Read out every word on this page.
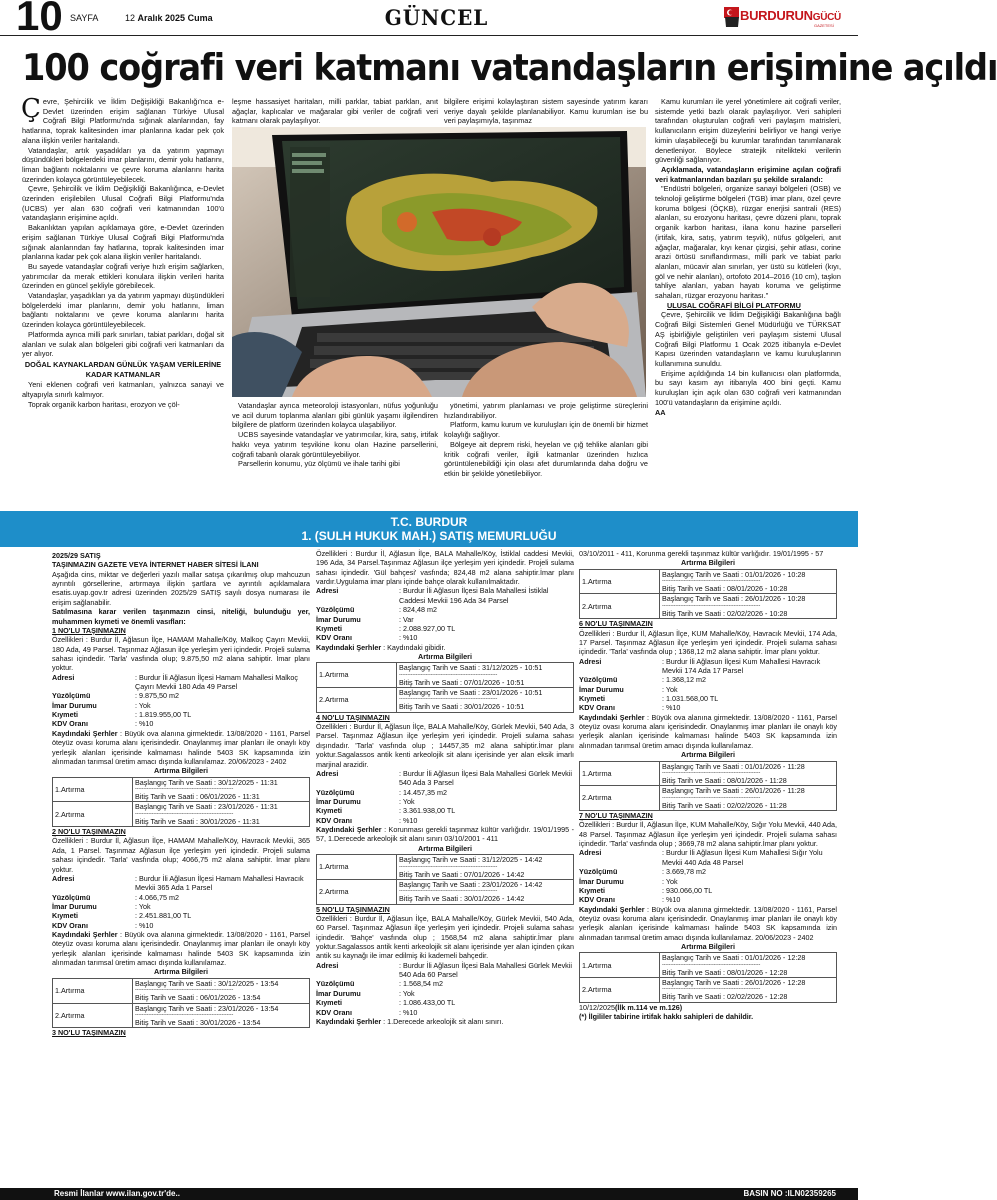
10 SAYFA	12 Aralık 2025 Cuma	GÜNCEL	BURDURUNGÜCÜ
GAZETESİ
100 coğrafi veri katmanı vatandaşların erişimine açıldı

Çevre, Şehircilik ve İklim Değişikliği Bakanlığı'nca e-Devlet üzerinden erişim sağlanan Türkiye Ulusal Coğrafi Bilgi Platformu'nda sığınak alanlarından, fay hatlarına, toprak kalitesinden imar planlarına kadar pek çok alana ilişkin veriler haritalandı.

Vatandaşlar, artık yaşadıkları ya da yatırım yapmayı düşündükleri bölgelerdeki imar planlarını, demir yolu hatlarını, liman bağlantı noktalarını ve çevre koruma alanlarını harita üzerinden kolayca görüntüleyebilecek.

Çevre, Şehircilik ve İklim Değişikliği Bakanlığınca, e-Devlet üzerinden erişilebilen Ulusal Coğrafi Bilgi Platformu'nda (UCBS) yer alan 630 coğrafi veri katmanından 100'ü vatandaşların erişimine açıldı.

Bakanlıktan yapılan açıklamaya göre, e-Devlet üzerinden erişim sağlanan Türkiye Ulusal Coğrafi Bilgi Platformu'nda sığınak alanlarından fay hatlarına, toprak kalitesinden imar planlarına kadar pek çok alana ilişkin veriler haritalandı.

Bu sayede vatandaşlar coğrafi veriye hızlı erişim sağlarken, yatırımcılar da merak ettikleri konulara ilişkin verileri harita üzerinden en güncel şekliyle görebilecek.

Vatandaşlar, yaşadıkları ya da yatırım yapmayı düşündükleri bölgelerdeki imar planlarını, demir yolu hatlarını, liman bağlantı noktalarını ve çevre koruma alanlarını harita üzerinden kolayca görüntüleyebilecek.

Platformda ayrıca milli park sınırları, tabiat parkları, doğal sit alanları ve sulak alan bölgeleri gibi coğrafi veri katmanları da yer alıyor.

DOĞAL KAYNAKLARDAN GÜNLÜK YAŞAM VERİLERİNE KADAR KATMANLAR

Yeni eklenen coğrafi veri katmanları, yalnızca sanayi ve altyapıyla sınırlı kalmıyor.

Toprak organik karbon haritası, erozyon ve çöl-

leşme hassasiyet haritaları, milli parklar, tabiat parkları, anıt ağaçlar, kaplıcalar ve mağaralar gibi veriler de coğrafi veri katmanı olarak paylaşılıyor.

bilgilere erişimi kolaylaştıran sistem sayesinde yatırım kararı veriye dayalı şekilde planlanabiliyor. Kamu kurumları ise bu veri paylaşımıyla, taşınmaz

Vatandaşlar ayrıca meteoroloji istasyonları, nüfus yoğunluğu ve acil durum toplanma alanları gibi günlük yaşamı ilgilendiren bilgilere de platform üzerinden kolayca ulaşabiliyor.

UCBS sayesinde vatandaşlar ve yatırımcılar, kira, satış, irtifak hakkı veya yatırım teşvikine konu olan Hazine parsellerini, coğrafi tabanlı olarak görüntüleyebiliyor.

Parsellerin konumu, yüz ölçümü ve ihale tarihi gibi

yönetimi, yatırım planlaması ve proje geliştirme süreçlerini hızlandırabiliyor.

Platform, kamu kurum ve kuruluşları için de önemli bir hizmet kolaylığı sağlıyor.

Bölgeye ait deprem riski, heyelan ve çığ tehlike alanları gibi kritik coğrafi veriler, ilgili katmanlar üzerinden hızlıca görüntülenebildiği için olası afet durumlarında daha doğru ve etkin bir şekilde yönetilebiliyor.

Kamu kurumları ile yerel yönetimlere ait coğrafi veriler, sistemde yetki bazlı olarak paylaşılıyor. Veri sahipleri tarafından oluşturulan coğrafi veri paylaşım matrisleri, kullanıcıların erişim düzeylerini belirliyor ve hangi veriye kimin ulaşabileceği bu kurumlar tarafından tanımlanarak denetleniyor. Böylece stratejik nitelikteki verilerin güvenliği sağlanıyor.

Açıklamada, vatandaşların erişimine açılan coğrafi veri katmanlarından bazıları şu şekilde sıralandı:

"Endüstri bölgeleri, organize sanayi bölgeleri (OSB) ve teknoloji geliştirme bölgeleri (TGB) imar planı, özel çevre koruma bölgesi (ÖÇKB), rüzgar enerjisi santrali (RES) alanları, su erozyonu haritası, çevre düzeni planı, toprak organik karbon haritası, ilana konu hazine parselleri (irtifak, kira, satış, yatırım teşvik), nüfus gölgeleri, anıt ağaçlar, mağaralar, kıyı kenar çizgisi, şehir atlası, corine arazi örtüsü sınıflandırması, milli park ve tabiat parkı alanları, mücavir alan sınırları, yer üstü su kütleleri (kıyı, göl ve nehir alanları), ortofoto 2014–2016 (10 cm), taşkın tahliye alanları, yaban hayatı koruma ve geliştirme sahaları, rüzgar erozyonu haritası."

ULUSAL COĞRAFİ BİLGİ PLATFORMU

Çevre, Şehircilik ve İklim Değişikliği Bakanlığına bağlı Coğrafi Bilgi Sistemleri Genel Müdürlüğü ve TÜRKSAT AŞ işbirliğiyle geliştirilen veri paylaşım sistemi Ulusal Coğrafi Bilgi Platformu 1 Ocak 2025 itibarıyla e-Devlet Kapısı üzerinden vatandaşların ve kamu kuruluşlarının kullanımına sunuldu.

Erişime açıldığında 14 bin kullanıcısı olan platformda, bu sayı kasım ayı itibarıyla 400 bini geçti. Kamu kuruluşları için açık olan 630 coğrafi veri katmanından 100'ü vatandaşların da erişimine açıldı.

AA

T.C. BURDUR
1. (SULH HUKUK MAH.) SATIŞ MEMURLUĞU
2025/29 SATIŞ
TAŞINMAZIN GAZETE VEYA İNTERNET HABER SİTESİ İLANI
Aşağıda cins, miktar ve değerleri yazılı mallar satışa çıkarılmış olup mahcuzun ayrıntılı görsellerine, artırmaya ilişkin şartlara ve ayrıntılı açıklamalara esatis.uyap.gov.tr adresi üzerinden 2025/29 SATIŞ sayılı dosya numarası ile erişim sağlanabilir.
Satılmasına karar verilen taşınmazın cinsi, niteliği, bulunduğu yer, muhammen kıymeti ve önemli vasıfları:
1 NO'LU TAŞINMAZIN
Özellikleri : Burdur İl, Ağlasun İlçe, HAMAM Mahalle/Köy, Malkoç Çayırı Mevkii, 180 Ada, 49 Parsel. Taşınmaz Ağlasun ilçe yerleşim yeri içindedir. Projeli sulama sahası içindedir. 'Tarla' vasfında olup; 9.875,50 m2 alana sahiptir. İmar planı yoktur.
Adresi	: Burdur İli Ağlasun İlçesi Hamam Mahallesi Malkoç Çayırı Mevkii 180 Ada 49 Parsel
Yüzölçümü	: 9.875,50 m2
İmar Durumu	: Yok
Kıymeti	: 1.819.955,00 TL
KDV Oranı	: %10
Kaydındaki Şerhler : Büyük ova alanına girmektedir. 13/08/2020 - 1161, Parsel öteyüz ovası koruma alanı içerisindedir. Onaylanmış imar planları ile onaylı köy yerleşik alanları içerisinde kalmaması halinde 5403 SK kapsamında izin alınmadan tarımsal üretim amacı dışında kullanılamaz. 20/06/2023 - 2402
Artırma Bilgileri
1.Artırma	Başlangıç Tarih ve Saati : 30/12/2025 - 11:31
-----------------------------------------------------------
Bitiş Tarih ve Saati : 06/01/2026 - 11:31

2.Artırma	Başlangıç Tarih ve Saati : 23/01/2026 - 11:31
-----------------------------------------------------------
Bitiş Tarih ve Saati : 30/01/2026 - 11:31
2 NO'LU TAŞINMAZIN
Özellikleri : Burdur İl, Ağlasun İlçe, HAMAM Mahalle/Köy, Havracık Mevkii, 365 Ada, 1 Parsel. Taşınmaz Ağlasun ilçe yerleşim yeri içindedir. Projeli sulama sahası içindedir. 'Tarla' vasfında olup; 4066,75 m2 alana sahiptir. İmar planı yoktur.
Adresi	: Burdur İli Ağlasun İlçesi Hamam Mahallesi Havracık Mevkii 365 Ada 1 Parsel
Yüzölçümü	: 4.066,75 m2
İmar Durumu	: Yok
Kıymeti	: 2.451.881,00 TL
KDV Oranı	: %10
Kaydındaki Şerhler : Büyük ova alanına girmektedir. 13/08/2020 - 1161, Parsel öteyüz ovası koruma alanı içerisindedir. Onaylanmış imar planları ile onaylı köy yerleşik alanları içerisinde kalmaması halinde 5403 SK kapsamında izin alınmadan tarımsal üretim amacı dışında kullanılamaz.
Artırma Bilgileri
1.Artırma	Başlangıç Tarih ve Saati : 30/12/2025 - 13:54
-----------------------------------------------------------
Bitiş Tarih ve Saati : 06/01/2026 - 13:54

2.Artırma	Başlangıç Tarih ve Saati : 23/01/2026 - 13:54
-----------------------------------------------------------
Bitiş Tarih ve Saati : 30/01/2026 - 13:54
3 NO'LU TAŞINMAZIN
Özellikleri : Burdur İl, Ağlasun İlçe, BALA Mahalle/Köy, İstiklal caddesi Mevkii, 196 Ada, 34 Parsel.Taşınmaz Ağlasun ilçe yerleşim yeri içindedir. Projeli sulama sahası içindedir. 'Gül bahçesi' vasfında; 824,48 m2 alana sahiptir.İmar planı vardır.Uygulama imar planı içinde bahçe olarak kullanılmaktadır.
Adresi	: Burdur İli Ağlasun İlçesi Bala Mahallesi İstiklal Caddesi Mevkii 196 Ada 34 Parsel
Yüzölçümü	: 824,48 m2
İmar Durumu	: Var
Kıymeti	: 2.088.927,00 TL
KDV Oranı	: %10
Kaydındaki Şerhler : Kaydındaki gibidir.
Artırma Bilgileri
1.Artırma	Başlangıç Tarih ve Saati : 31/12/2025 - 10:51
-----------------------------------------------------------
Bitiş Tarih ve Saati : 07/01/2026 - 10:51

2.Artırma	Başlangıç Tarih ve Saati : 23/01/2026 - 10:51
-----------------------------------------------------------
Bitiş Tarih ve Saati : 30/01/2026 - 10:51
4 NO'LU TAŞINMAZIN
Özellikleri : Burdur İl, Ağlasun İlçe, BALA Mahalle/Köy, Gürlek Mevkii, 540 Ada, 3 Parsel. Taşınmaz Ağlasun ilçe yerleşim yeri içindedir. Projeli sulama sahası dışındadır. 'Tarla' vasfında olup ; 14457,35 m2 alana sahiptir.İmar planı yoktur.Sagalassos antik kenti arkeolojik sit alanı içerisinde yer alan eksik imarlı marjinal arazidir.
Adresi	: Burdur İli Ağlasun İlçesi Bala Mahallesi Gürlek Mevkii 540 Ada 3 Parsel
Yüzölçümü	: 14.457,35 m2
İmar Durumu	: Yok
Kıymeti	: 3.361.938,00 TL
KDV Oranı	: %10
Kaydındaki Şerhler : Korunması gerekli taşınmaz kültür varlığıdır. 19/01/1995 - 57, 1.Derecede arkeolojik sit alanı sınırı 03/10/2001 - 411
Artırma Bilgileri
1.Artırma	Başlangıç Tarih ve Saati : 31/12/2025 - 14:42
-----------------------------------------------------------
Bitiş Tarih ve Saati : 07/01/2026 - 14:42

2.Artırma	Başlangıç Tarih ve Saati : 23/01/2026 - 14:42
-----------------------------------------------------------
Bitiş Tarih ve Saati : 30/01/2026 - 14:42
5 NO'LU TAŞINMAZIN
Özellikleri : Burdur İl, Ağlasun İlçe, BALA Mahalle/Köy, Gürlek Mevkii, 540 Ada, 60 Parsel. Taşınmaz Ağlasun ilçe yerleşim yeri içindedir. Projeli sulama sahası içindedir. 'Bahçe' vasfında olup ; 1568,54 m2 alana sahiptir.İmar planı yoktur.Sagalassos antik kenti arkeolojik sit alanı içerisinde yer alan içinden çıkan antik su kaynağı ile imar edilmiş iki kademeli bahçedir.
Adresi	: Burdur İli Ağlasun İlçesi Bala Mahallesi Gürlek Mevkii 540 Ada 60 Parsel
Yüzölçümü	: 1.568,54 m2
İmar Durumu	: Yok
Kıymeti	: 1.086.433,00 TL
KDV Oranı	: %10
Kaydındaki Şerhler : 1.Derecede arkeolojik sit alanı sınırı.
03/10/2011 - 411, Korunma gerekli taşınmaz kültür varlığıdır. 19/01/1995 - 57
Artırma Bilgileri
1.Artırma	Başlangıç Tarih ve Saati : 01/01/2026 - 10:28
-----------------------------------------------------------
Bitiş Tarih ve Saati : 08/01/2026 - 10:28

2.Artırma	Başlangıç Tarih ve Saati : 26/01/2026 - 10:28
-----------------------------------------------------------
Bitiş Tarih ve Saati : 02/02/2026 - 10:28
6 NO'LU TAŞINMAZIN
Özellikleri : Burdur İl, Ağlasun İlçe, KUM Mahalle/Köy, Havracık Mevkii, 174 Ada, 17 Parsel. Taşınmaz Ağlasun ilçe yerleşim yeri içindedir. Projeli sulama sahası içindedir. 'Tarla' vasfında olup ; 1368,12 m2 alana sahiptir. İmar planı yoktur.
Adresi	: Burdur İli Ağlasun İlçesi Kum Mahallesi Havracık Mevkii 174 Ada 17 Parsel
Yüzölçümü	: 1.368,12 m2
İmar Durumu	: Yok
Kıymeti	: 1.031.568,00 TL
KDV Oranı	: %10
Kaydındaki Şerhler : Büyük ova alanına girmektedir. 13/08/2020 - 1161, Parsel öteyüz ovası koruma alanı içerisindedir. Onaylanmış imar planları ile onaylı köy yerleşik alanları içerisinde kalmaması halinde 5403 SK kapsamında izin alınmadan tarımsal üretim amacı dışında kullanılamaz.
Artırma Bilgileri
1.Artırma	Başlangıç Tarih ve Saati : 01/01/2026 - 11:28
-----------------------------------------------------------
Bitiş Tarih ve Saati : 08/01/2026 - 11:28

2.Artırma	Başlangıç Tarih ve Saati : 26/01/2026 - 11:28
-----------------------------------------------------------
Bitiş Tarih ve Saati : 02/02/2026 - 11:28
7 NO'LU TAŞINMAZIN
Özellikleri : Burdur İl, Ağlasun İlçe, KUM Mahalle/Köy, Sığır Yolu Mevkii, 440 Ada, 48 Parsel. Taşınmaz Ağlasun ilçe yerleşim yeri içindedir. Projeli sulama sahası içindedir. 'Tarla' vasfında olup ; 3669,78 m2 alana sahiptir.İmar planı yoktur.
Adresi	: Burdur İli Ağlasun İlçesi Kum Mahallesi Sığır Yolu Mevkii 440 Ada 48 Parsel
Yüzölçümü	: 3.669,78 m2
İmar Durumu	: Yok
Kıymeti	: 930.066,00 TL
KDV Oranı	: %10
Kaydındaki Şerhler : Büyük ova alanına girmektedir. 13/08/2020 - 1161, Parsel öteyüz ovası koruma alanı içerisindedir. Onaylanmış imar planları ile onaylı köy yerleşik alanları içerisinde kalmaması halinde 5403 SK kapsamında izin alınmadan tarımsal üretim amacı dışında kullanılamaz. 20/06/2023 - 2402
Artırma Bilgileri
1.Artırma	Başlangıç Tarih ve Saati : 01/01/2026 - 12:28
-----------------------------------------------------------
Bitiş Tarih ve Saati : 08/01/2026 - 12:28

2.Artırma	Başlangıç Tarih ve Saati : 26/01/2026 - 12:28
-----------------------------------------------------------
Bitiş Tarih ve Saati : 02/02/2026 - 12:28
10/12/2025(İlk m.114 ve m.126)
(*) İlgililer tabirine irtifak hakkı sahipleri de dahildir.
Resmi İlanlar www.ilan.gov.tr'de..	BASIN NO :ILN02359265
